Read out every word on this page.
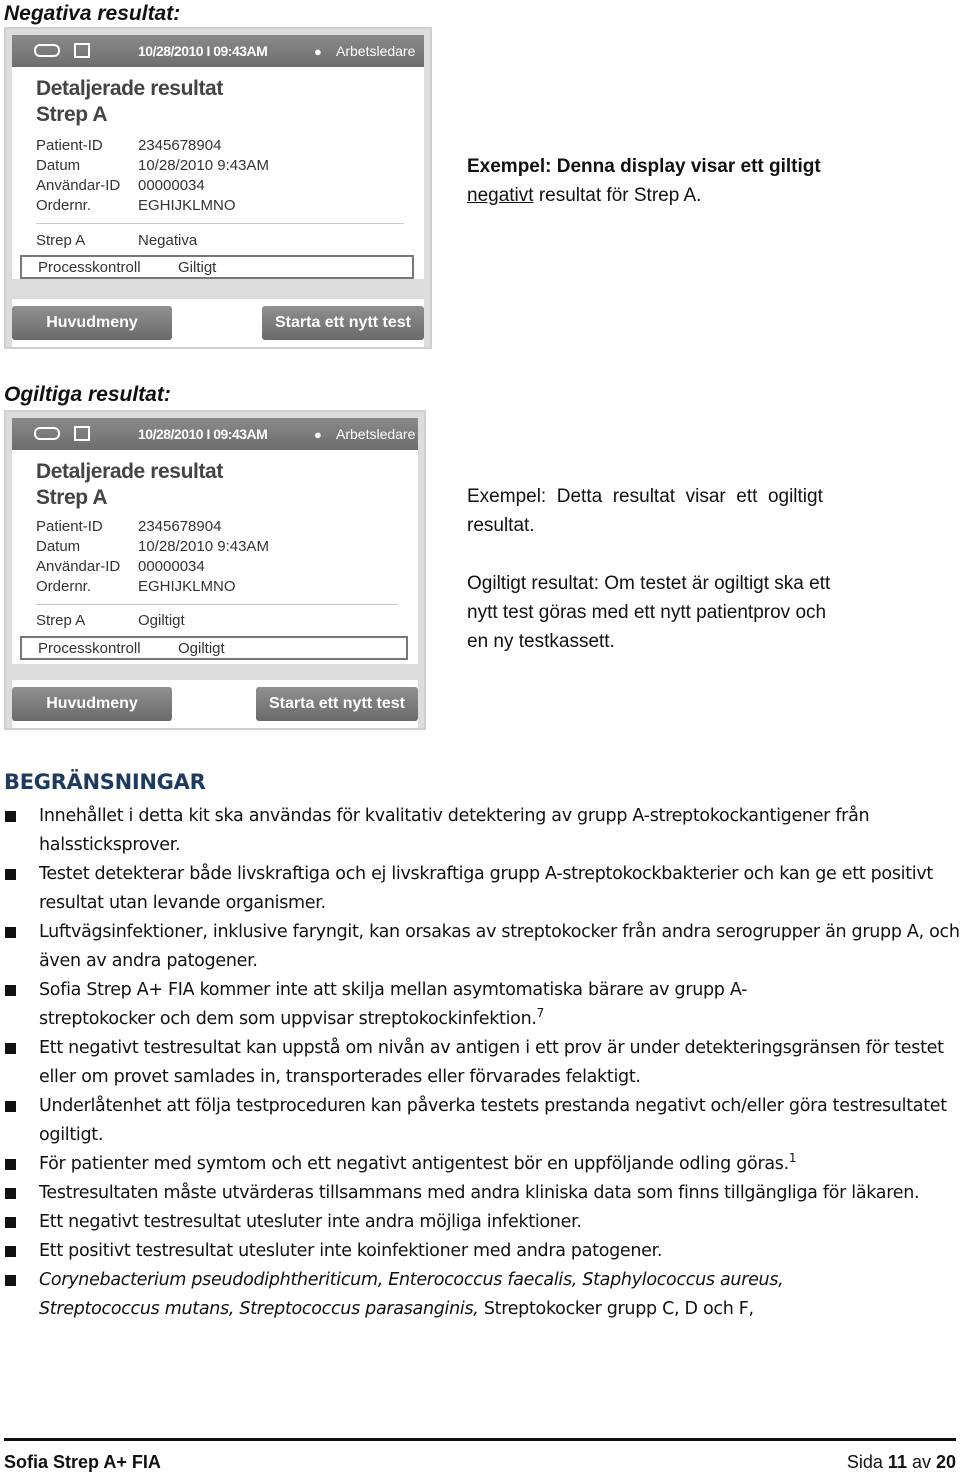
Negativa resultat:
10/28/2010 I 09:43AM	● Arbetsledare
Detaljerade resultat
Strep A
Patient-ID 2345678904
Datum	10/28/2010 9:43AM
Användar-ID 00000034
Ordernr.	EGHIJKLMNO
Strep A	Negativa
Processkontroll Giltigt
Huvudmeny	Starta ett nytt test
Exempel: Denna display visar ett giltigt
negativt resultat för Strep A.
Ogiltiga resultat:
10/28/2010 I 09:43AM	● Arbetsledare
Detaljerade resultat
Strep A
Patient-ID 2345678904
Datum	10/28/2010 9:43AM
Användar-ID 00000034
Ordernr.	EGHIJKLMNO
Strep A	Ogiltigt
Processkontroll Ogiltigt
Huvudmeny	Starta ett nytt test
Exempel:  Detta  resultat  visar  ett  ogiltigt
resultat.
Ogiltigt resultat: Om testet är ogiltigt ska ett
nytt test göras med ett nytt patientprov och
en ny testkassett.
BEGRÄNSNINGAR
Innehållet i detta kit ska användas för kvalitativ detektering av grupp A-streptokockantigener från halssticksprover.
Testet detekterar både livskraftiga och ej livskraftiga grupp A-streptokockbakterier och kan ge ett positivt resultat utan levande organismer.
Luftvägsinfektioner, inklusive faryngit, kan orsakas av streptokocker från andra serogrupper än grupp A, och även av andra patogener.
Sofia Strep A+ FIA kommer inte att skilja mellan asymtomatiska bärare av grupp A-
streptokocker och dem som uppvisar streptokockinfektion.$^7$
Ett negativt testresultat kan uppstå om nivån av antigen i ett prov är under detekteringsgränsen för testet eller om provet samlades in, transporterades eller förvarades felaktigt.
Underlåtenhet att följa testproceduren kan påverka testets prestanda negativt och/eller göra testresultatet ogiltigt.
För patienter med symtom och ett negativt antigentest bör en uppföljande odling göras.$^1$
Testresultaten måste utvärderas tillsammans med andra kliniska data som finns tillgängliga för läkaren.
Ett negativt testresultat utesluter inte andra möjliga infektioner.
Ett positivt testresultat utesluter inte koinfektioner med andra patogener.
Corynebacterium pseudodiphtheriticum, Enterococcus faecalis, Staphylococcus aureus,
Streptococcus mutans, Streptococcus parasanginis, Streptokocker grupp C, D och F,
Sofia Strep A+ FIA	Sida 11 av 20
